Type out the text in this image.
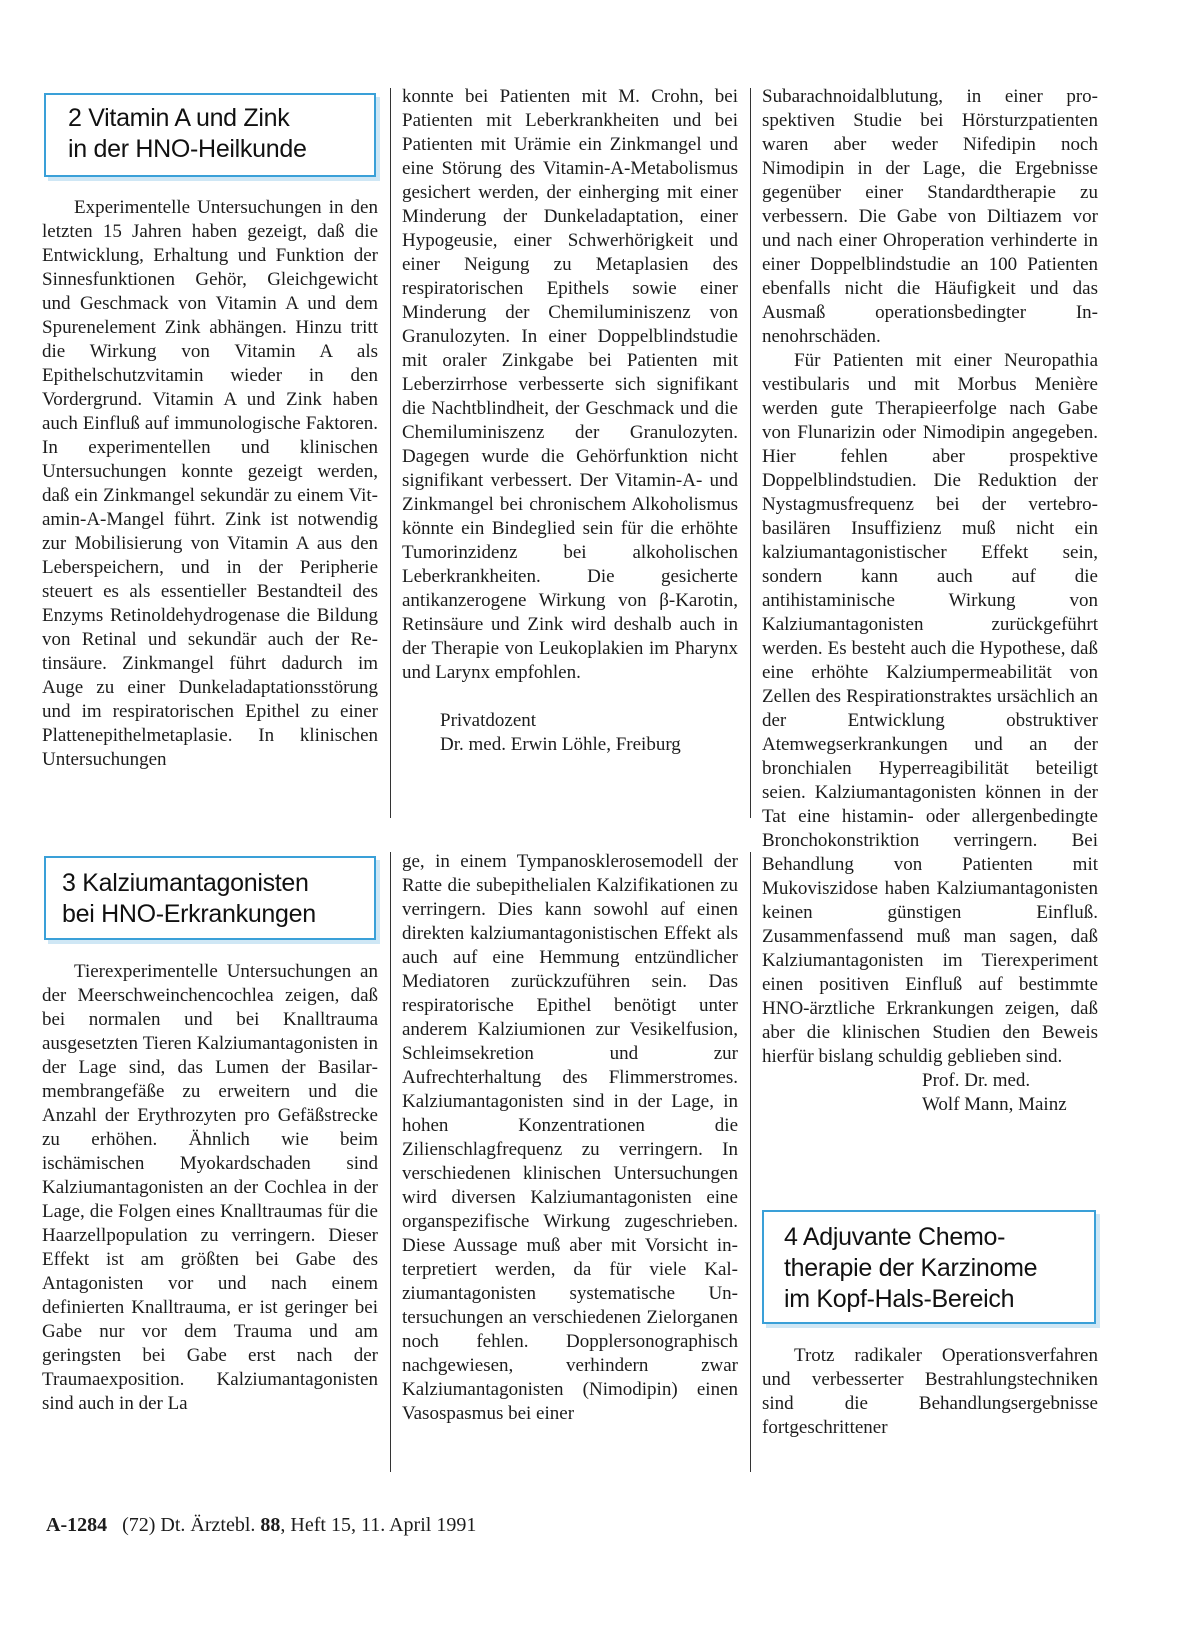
2 Vitamin A und Zink
in der HNO-Heilkunde

Experimentelle Untersuchungen in den letzten 15 Jahren haben gezeigt, daß die Entwicklung, Erhaltung und Funktion der Sinnesfunktionen Gehör, Gleichgewicht und Geschmack von Vitamin A und dem Spurenelement Zink abhängen. Hinzu tritt die Wirkung von Vitamin A als Epithelschutzvitamin wieder in den Vordergrund. Vitamin A und Zink haben auch Einfluß auf immunologische Faktoren. In experimentellen und klinischen Untersuchungen konnte gezeigt werden, daß ein Zinkmangel sekundär zu einem Vitamin-A-Mangel führt. Zink ist notwendig zur Mobilisierung von Vitamin A aus den Leberspeichern, und in der Peripherie steuert es als essentieller Bestandteil des Enzyms Retinoldehydrogenase die Bildung von Retinal und sekundär auch der Retinsäure. Zinkmangel führt dadurch im Auge zu einer Dunkeladaptationsstörung und im respiratorischen Epithel zu einer Plattenepithelmetaplasie. In klinischen Untersuchungen

konnte bei Patienten mit M. Crohn, bei Patienten mit Leberkrankheiten und bei Patienten mit Urämie ein Zinkmangel und eine Störung des Vitamin-A-Metabolismus gesichert werden, der einherging mit einer Minderung der Dunkeladaptation, einer Hypogeusie, einer Schwerhörigkeit und einer Neigung zu Metaplasien des respiratorischen Epithels sowie einer Minderung der Chemiluminiszenz von Granulozyten. In einer Doppelblindstudie mit oraler Zinkgabe bei Patienten mit Leberzirrhose verbesserte sich signifikant die Nachtblindheit, der Geschmack und die Chemiluminiszenz der Granulozyten. Dagegen wurde die Gehörfunktion nicht signifikant verbessert. Der Vitamin-A- und Zinkmangel bei chronischem Alkoholismus könnte ein Bindeglied sein für die erhöhte Tumorinzidenz bei alkoholischen Leberkrankheiten. Die gesicherte antikanzerogene Wirkung von β-Karotin, Retinsäure und Zink wird deshalb auch in der Therapie von Leukoplakien im Pharynx und Larynx empfohlen.

Privatdozent
Dr. med. Erwin Löhle, Freiburg
3 Kalziumantagonisten
bei HNO-Erkrankungen

Tierexperimentelle Untersuchungen an der Meerschweinchencochlea zeigen, daß bei normalen und bei Knalltrauma ausgesetzten Tieren Kalziumantagonisten in der Lage sind, das Lumen der Basilarmembrangefäße zu erweitern und die Anzahl der Erythrozyten pro Gefäßstrecke zu erhöhen. Ähnlich wie beim ischämischen Myokardschaden sind Kalziumantagonisten an der Cochlea in der Lage, die Folgen eines Knalltraumas für die Haarzellpopulation zu verringern. Dieser Effekt ist am größten bei Gabe des Antagonisten vor und nach einem definierten Knalltrauma, er ist geringer bei Gabe nur vor dem Trauma und am geringsten bei Gabe erst nach der Traumaexposition. Kalziumantagonisten sind auch in der La

ge, in einem Tympanosklerosemodell der Ratte die subepithelialen Kalzifikationen zu verringern. Dies kann sowohl auf einen direkten kalziumantagonistischen Effekt als auch auf eine Hemmung entzündlicher Mediatoren zurückzuführen sein. Das respiratorische Epithel benötigt unter anderem Kalziumionen zur Vesikelfusion, Schleimsekretion und zur Aufrechterhaltung des Flimmerstromes. Kalziumantagonisten sind in der Lage, in hohen Konzentrationen die Zilienschlagfrequenz zu verringern. In verschiedenen klinischen Untersuchungen wird diversen Kalziumantagonisten eine organspezifische Wirkung zugeschrieben. Diese Aussage muß aber mit Vorsicht interpretiert werden, da für viele Kalziumantagonisten systematische Untersuchungen an verschiedenen Zielorganen noch fehlen. Dopplersonographisch nachgewiesen, verhindern zwar Kalziumantagonisten (Nimodipin) einen Vasospasmus bei einer

Subarachnoidalblutung, in einer prospektiven Studie bei Hörsturzpatienten waren aber weder Nifedipin noch Nimodipin in der Lage, die Ergebnisse gegenüber einer Standardtherapie zu verbessern. Die Gabe von Diltiazem vor und nach einer Ohroperation verhinderte in einer Doppelblindstudie an 100 Patienten ebenfalls nicht die Häufigkeit und das Ausmaß operationsbedingter Innenohrschäden.

Für Patienten mit einer Neuropathia vestibularis und mit Morbus Menière werden gute Therapieerfolge nach Gabe von Flunarizin oder Nimodipin angegeben. Hier fehlen aber prospektive Doppelblindstudien. Die Reduktion der Nystagmusfrequenz bei der vertebro-basilären Insuffizienz muß nicht ein kalziumantagonistischer Effekt sein, sondern kann auch auf die antihistaminische Wirkung von Kalziumantagonisten zurückgeführt werden. Es besteht auch die Hypothese, daß eine erhöhte Kalziumpermeabilität von Zellen des Respirationstraktes ursächlich an der Entwicklung obstruktiver Atemwegserkrankungen und an der bronchialen Hyperreagibilität beteiligt seien. Kalziumantagonisten können in der Tat eine histamin- oder allergenbedingte Bronchokonstriktion verringern. Bei Behandlung von Patienten mit Mukoviszidose haben Kalziumantagonisten keinen günstigen Einfluß. Zusammenfassend muß man sagen, daß Kalziumantagonisten im Tierexperiment einen positiven Einfluß auf bestimmte HNO-ärztliche Erkrankungen zeigen, daß aber die klinischen Studien den Beweis hierfür bislang schuldig geblieben sind.

Prof. Dr. med.
Wolf Mann, Mainz
4 Adjuvante Chemo-
therapie der Karzinome
im Kopf-Hals-Bereich

Trotz radikaler Operationsverfahren und verbesserter Bestrahlungstechniken sind die Behandlungsergebnisse fortgeschrittener

A-1284 (72) Dt. Ärztebl. 88, Heft 15, 11. April 1991
